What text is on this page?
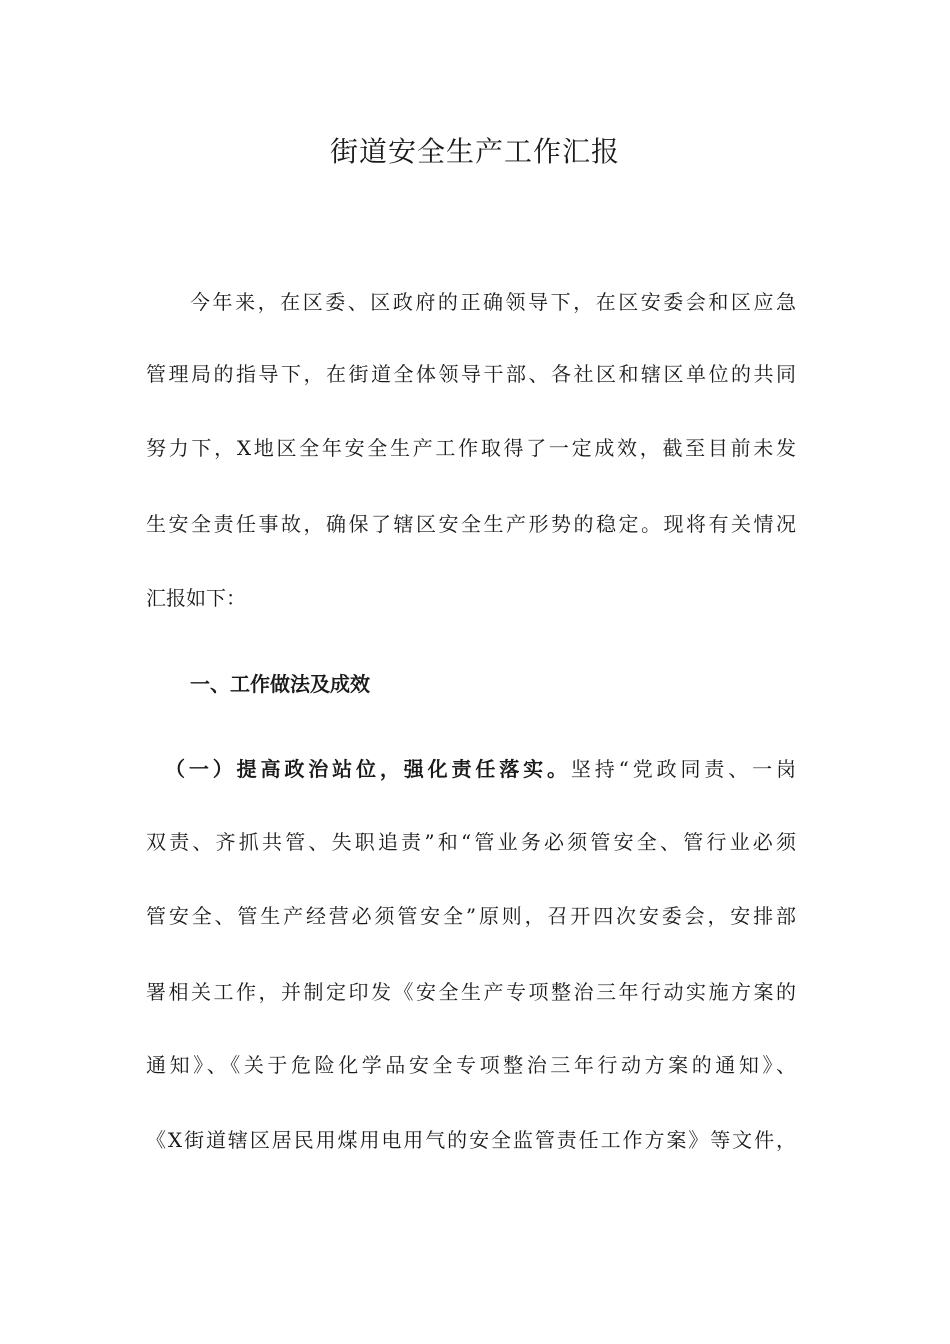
街道安全生产工作汇报

今年来，在区委、区政府的正确领导下，在区安委会和区应急

管理局的指导下，在街道全体领导干部、各社区和辖区单位的共同

努力下，X地区全年安全生产工作取得了一定成效，截至目前未发

生安全责任事故，确保了辖区安全生产形势的稳定。现将有关情况

汇报如下：

一、工作做法及成效

（一）提高政治站位，强化责任落实。坚持“党政同责、一岗

双责、齐抓共管、失职追责”和“管业务必须管安全、管行业必须

管安全、管生产经营必须管安全”原则，召开四次安委会，安排部

署相关工作，并制定印发《安全生产专项整治三年行动实施方案的

通知》、《关于危险化学品安全专项整治三年行动方案的通知》、

《X街道辖区居民用煤用电用气的安全监管责任工作方案》等文件，
